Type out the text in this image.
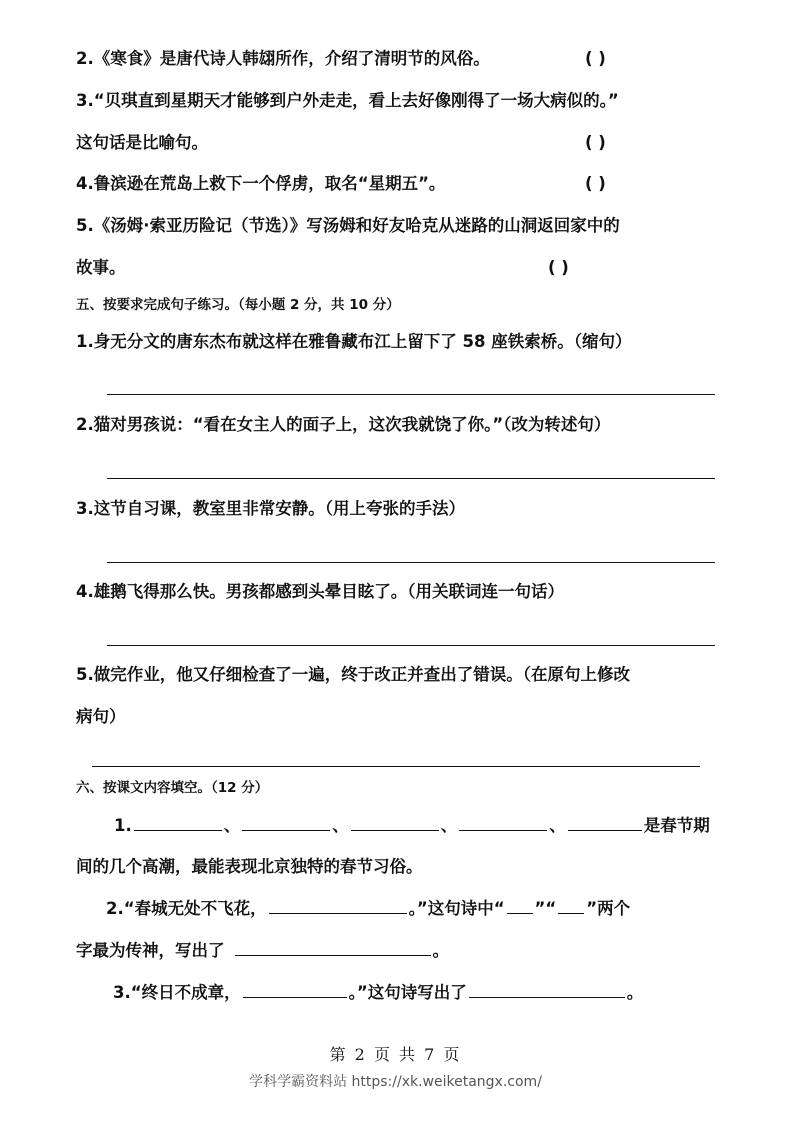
2.《寒食》是唐代诗人韩翃所作，介绍了清明节的风俗。	( )
3.“贝琪直到星期天才能够到户外走走，看上去好像刚得了一场大病似的。”
这句话是比喻句。	( )
4.鲁滨逊在荒岛上救下一个俘虏，取名“星期五”。	( )
5.《汤姆·索亚历险记（节选）》写汤姆和好友哈克从迷路的山洞返回家中的
故事。	( )
五、按要求完成句子练习。（每小题 2 分，共 10 分）
1.身无分文的唐东杰布就这样在雅鲁藏布江上留下了 58 座铁索桥。（缩句）
2.猫对男孩说：“看在女主人的面子上，这次我就饶了你。”（改为转述句）
3.这节自习课，教室里非常安静。（用上夸张的手法）
4.雄鹅飞得那么快。男孩都感到头晕目眩了。（用关联词连一句话）
5.做完作业，他又仔细检查了一遍，终于改正并查出了错误。（在原句上修改
病句）
六、按课文内容填空。（12 分）
1.	、	、	、	、	是春节期
间的几个高潮，最能表现北京独特的春节习俗。
2.“春城无处不飞花，	。”这句诗中“ ”“ ”两个
字最为传神，写出了	。
3.“终日不成章，	。”这句诗写出了	。
第 2 页 共 7 页
学科学霸资料站 https://xk.weiketangx.com/
